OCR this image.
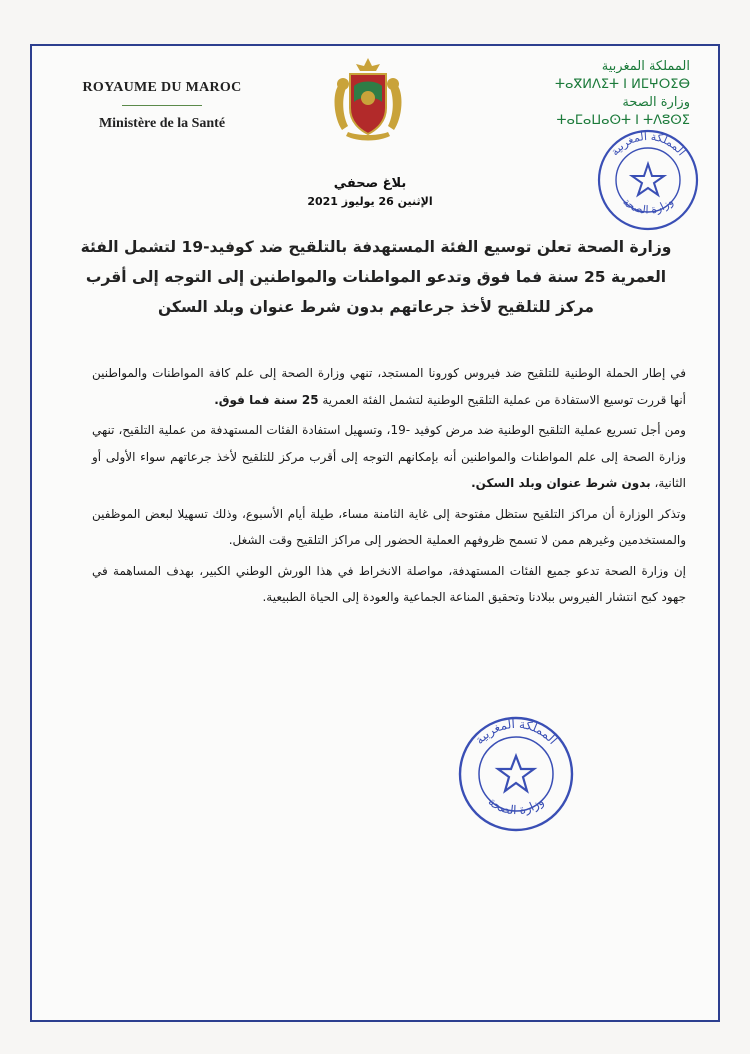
ROYAUME DU MAROC
Ministère de la Santé
المملكة المغربية
ⵜⴰⴳⵍⴷⵉⵜ ⵏ ⵍⵎⵖⵔⵉⴱ
وزارة الصحة
ⵜⴰⵎⴰⵡⴰⵙⵜ ⵏ ⵜⴷⵓⵙⵉ
المملكة المغربية
وزارة الصحة
بلاغ صحفي
الإثنين 26 يوليوز 2021
وزارة الصحة تعلن توسيع الفئة المستهدفة بالتلقيح ضد كوفيد-19 لتشمل الفئة العمرية 25 سنة فما فوق وتدعو المواطنات والمواطنين إلى التوجه إلى أقرب مركز للتلقيح لأخذ جرعاتهم بدون شرط عنوان وبلد السكن

في إطار الحملة الوطنية للتلقيح ضد فيروس كورونا المستجد، تنهي وزارة الصحة إلى علم كافة المواطنات والمواطنين أنها قررت توسيع الاستفادة من عملية التلقيح الوطنية لتشمل الفئة العمرية 25 سنة فما فوق.

ومن أجل تسريع عملية التلقيح الوطنية ضد مرض كوفيد -19، وتسهيل استفادة الفئات المستهدفة من عملية التلقيح، تنهي وزارة الصحة إلى علم المواطنات والمواطنين أنه بإمكانهم التوجه إلى أقرب مركز للتلقيح لأخذ جرعاتهم سواء الأولى أو الثانية، بدون شرط عنوان وبلد السكن.

وتذكر الوزارة أن مراكز التلقيح ستظل مفتوحة إلى غاية الثامنة مساء، طيلة أيام الأسبوع، وذلك تسهيلا لبعض الموظفين والمستخدمين وغيرهم ممن لا تسمح ظروفهم العملية الحضور إلى مراكز التلقيح وقت الشغل.

إن وزارة الصحة تدعو جميع الفئات المستهدفة، مواصلة الانخراط في هذا الورش الوطني الكبير، بهدف المساهمة في جهود كبح انتشار الفيروس ببلادنا وتحقيق المناعة الجماعية والعودة إلى الحياة الطبيعية.

المملكة المغربية
وزارة الصحة
